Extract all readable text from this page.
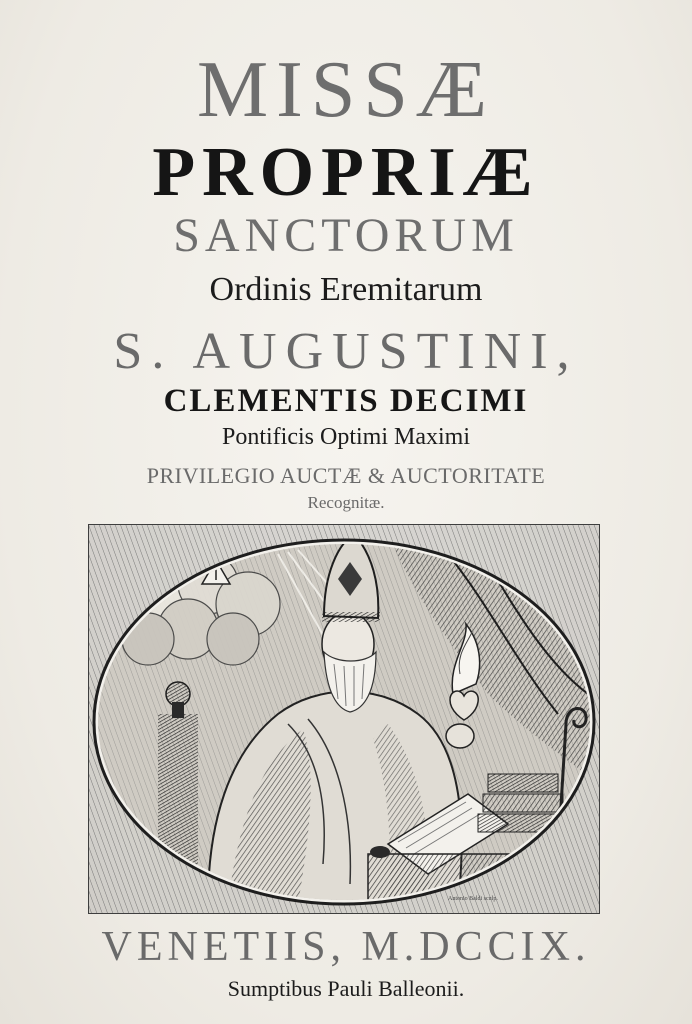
MISSÆ
PROPRIÆ
SANCTORUM
Ordinis Eremitarum
S. AUGUSTINI,
CLEMENTIS DECIMI
Pontificis Optimi Maximi
PRIVILEGIO AUCTÆ & AUCTORITATE
Recognitæ.
Antonio Baldi sculp.
VENETIIS, M.DCCIX.
Sumptibus Pauli Balleonii.
